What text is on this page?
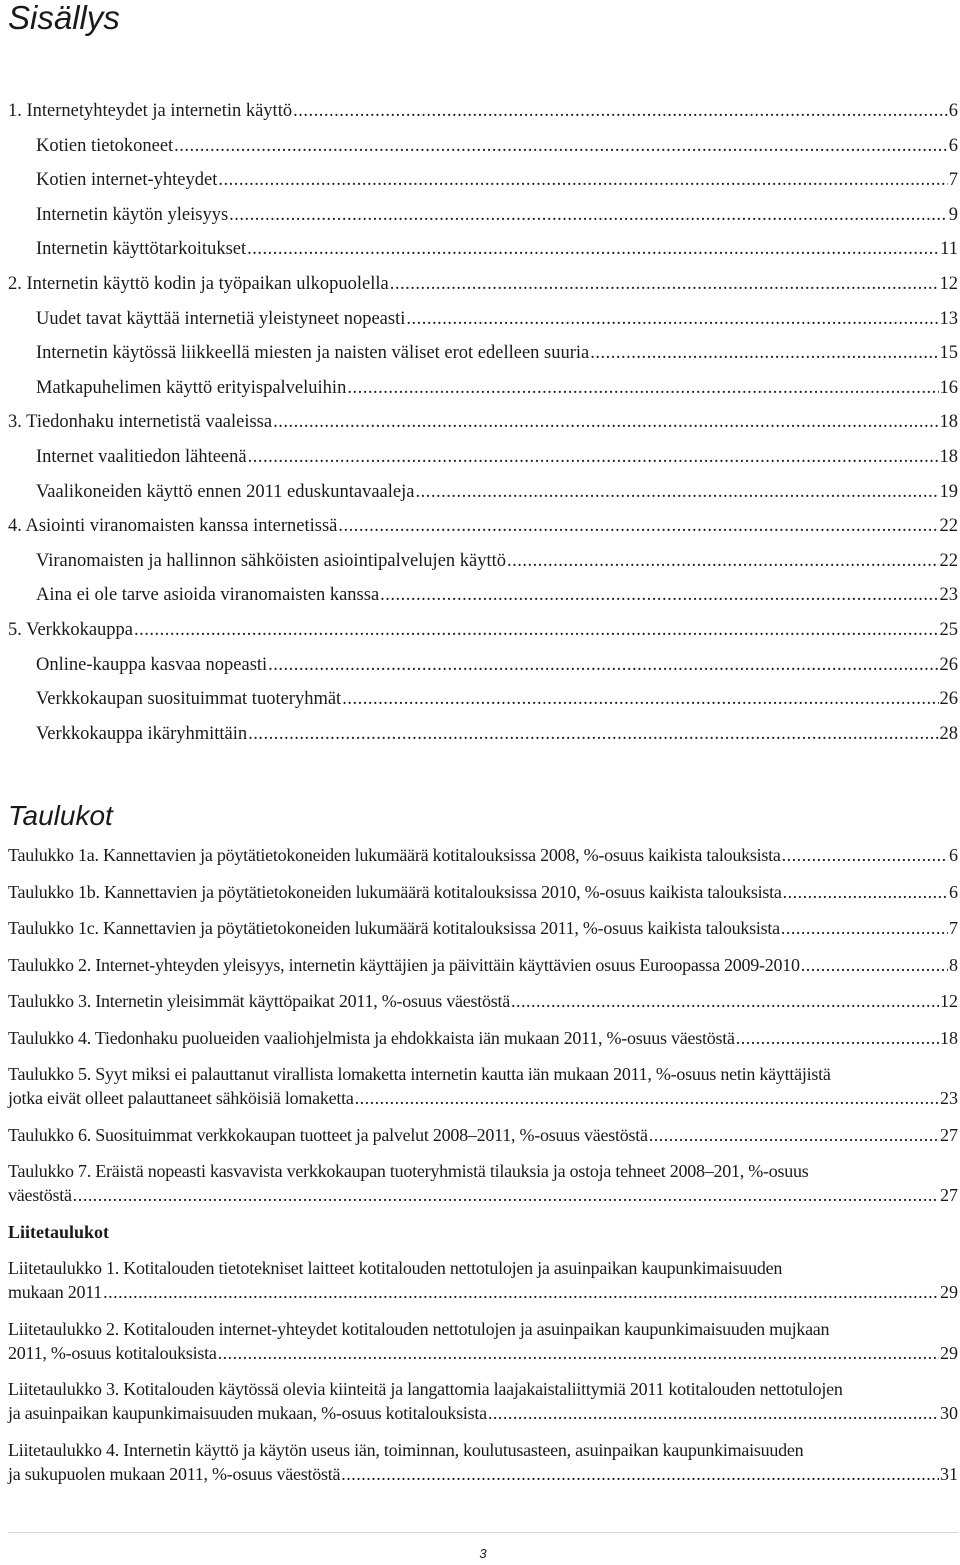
Sisällys
1. Internetyhteydet ja internetin käyttö .....	6
Kotien tietokoneet .....	6
Kotien internet-yhteydet .....	7
Internetin käytön yleisyys .....	9
Internetin käyttötarkoitukset .....	11
2. Internetin käyttö kodin ja työpaikan ulkopuolella .....	12
Uudet tavat käyttää internetiä yleistyneet nopeasti .....	13
Internetin käytössä liikkeellä miesten ja naisten väliset erot edelleen suuria .....	15
Matkapuhelimen käyttö erityispalveluihin .....	16
3. Tiedonhaku internetistä vaaleissa .....	18
Internet vaalitiedon lähteenä .....	18
Vaalikoneiden käyttö ennen 2011 eduskuntavaaleja .....	19
4. Asiointi viranomaisten kanssa internetissä .....	22
Viranomaisten ja hallinnon sähköisten asiointipalvelujen käyttö .....	22
Aina ei ole tarve asioida viranomaisten kanssa .....	23
5. Verkkokauppa .....	25
Online-kauppa kasvaa nopeasti .....	26
Verkkokaupan suosituimmat tuoteryhmät .....	26
Verkkokauppa ikäryhmittäin .....	28
Taulukot
Taulukko 1a. Kannettavien ja pöytätietokoneiden lukumäärä kotitalouksissa 2008, %-osuus kaikista talouksista .....	6
Taulukko 1b. Kannettavien ja pöytätietokoneiden lukumäärä kotitalouksissa 2010, %-osuus kaikista talouksista .....	6
Taulukko 1c. Kannettavien ja pöytätietokoneiden lukumäärä kotitalouksissa 2011, %-osuus kaikista talouksista .....	7
Taulukko 2. Internet-yhteyden yleisyys, internetin käyttäjien ja päivittäin käyttävien osuus Euroopassa 2009-2010 .....	8
Taulukko 3. Internetin yleisimmät käyttöpaikat 2011, %-osuus väestöstä .....	12
Taulukko 4. Tiedonhaku puolueiden vaaliohjelmista ja ehdokkaista iän mukaan 2011, %-osuus väestöstä .....	18
Taulukko 5. Syyt miksi ei palauttanut virallista lomaketta internetin kautta iän mukaan 2011, %-osuus netin käyttäjistä
jotka eivät olleet palauttaneet sähköisiä lomaketta .....	23
Taulukko 6. Suosituimmat verkkokaupan tuotteet ja palvelut 2008–2011, %-osuus väestöstä .....	27
Taulukko 7. Eräistä nopeasti kasvavista verkkokaupan tuoteryhmistä tilauksia ja ostoja tehneet 2008–201, %-osuus
väestöstä .....	27
Liitetaulukot
Liitetaulukko 1. Kotitalouden tietotekniset laitteet kotitalouden nettotulojen ja asuinpaikan kaupunkimaisuuden
mukaan 2011 .....	29
Liitetaulukko 2. Kotitalouden internet-yhteydet kotitalouden nettotulojen ja asuinpaikan kaupunkimaisuuden mujkaan
2011, %-osuus kotitalouksista .....	29
Liitetaulukko 3. Kotitalouden käytössä olevia kiinteitä ja langattomia laajakaistaliittymiä 2011 kotitalouden nettotulojen
ja asuinpaikan kaupunkimaisuuden mukaan, %-osuus kotitalouksista .....	30
Liitetaulukko 4. Internetin käyttö ja käytön useus iän, toiminnan, koulutusasteen, asuinpaikan kaupunkimaisuuden
ja sukupuolen mukaan 2011, %-osuus väestöstä .....	31
3
